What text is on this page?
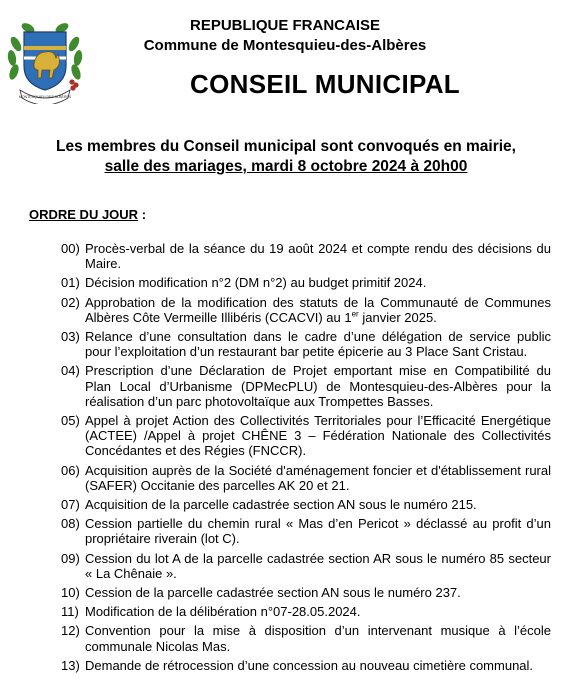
MONTESQUIEU DES ALBÈRES
REPUBLIQUE FRANCAISE
Commune de Montesquieu-des-Albères
CONSEIL MUNICIPAL
Les membres du Conseil municipal sont convoqués en mairie,
salle des mariages, mardi 8 octobre 2024 à 20h00
ORDRE DU JOUR :
00) Procès-verbal de la séance du 19 août 2024 et compte rendu des décisions du Maire.
01) Décision modification n°2 (DM n°2) au budget primitif 2024.
02) Approbation de la modification des statuts de la Communauté de Communes Albères Côte Vermeille Illibéris (CCACVI) au 1er janvier 2025.
03) Relance d’une consultation dans le cadre d’une délégation de service public pour l’exploitation d’un restaurant bar petite épicerie au 3 Place Sant Cristau.
04) Prescription d’une Déclaration de Projet emportant mise en Compatibilité du Plan Local d’Urbanisme (DPMecPLU) de Montesquieu-des-Albères pour la réalisation d’un parc photovoltaïque aux Trompettes Basses.
05) Appel à projet Action des Collectivités Territoriales pour l’Efficacité Energétique (ACTEE) /Appel à projet CHÊNE 3 – Fédération Nationale des Collectivités Concédantes et des Régies (FNCCR).
06) Acquisition auprès de la Société d'aménagement foncier et d'établissement rural (SAFER) Occitanie des parcelles AK 20 et 21.
07) Acquisition de la parcelle cadastrée section AN sous le numéro 215.
08) Cession partielle du chemin rural « Mas d’en Pericot » déclassé au profit d’un propriétaire riverain (lot C).
09) Cession du lot A de la parcelle cadastrée section AR sous le numéro 85 secteur « La Chênaie ».
10) Cession de la parcelle cadastrée section AN sous le numéro 237.
11) Modification de la délibération n°07-28.05.2024.
12) Convention pour la mise à disposition d’un intervenant musique à l’école communale Nicolas Mas.
13) Demande de rétrocession d’une concession au nouveau cimetière communal.
